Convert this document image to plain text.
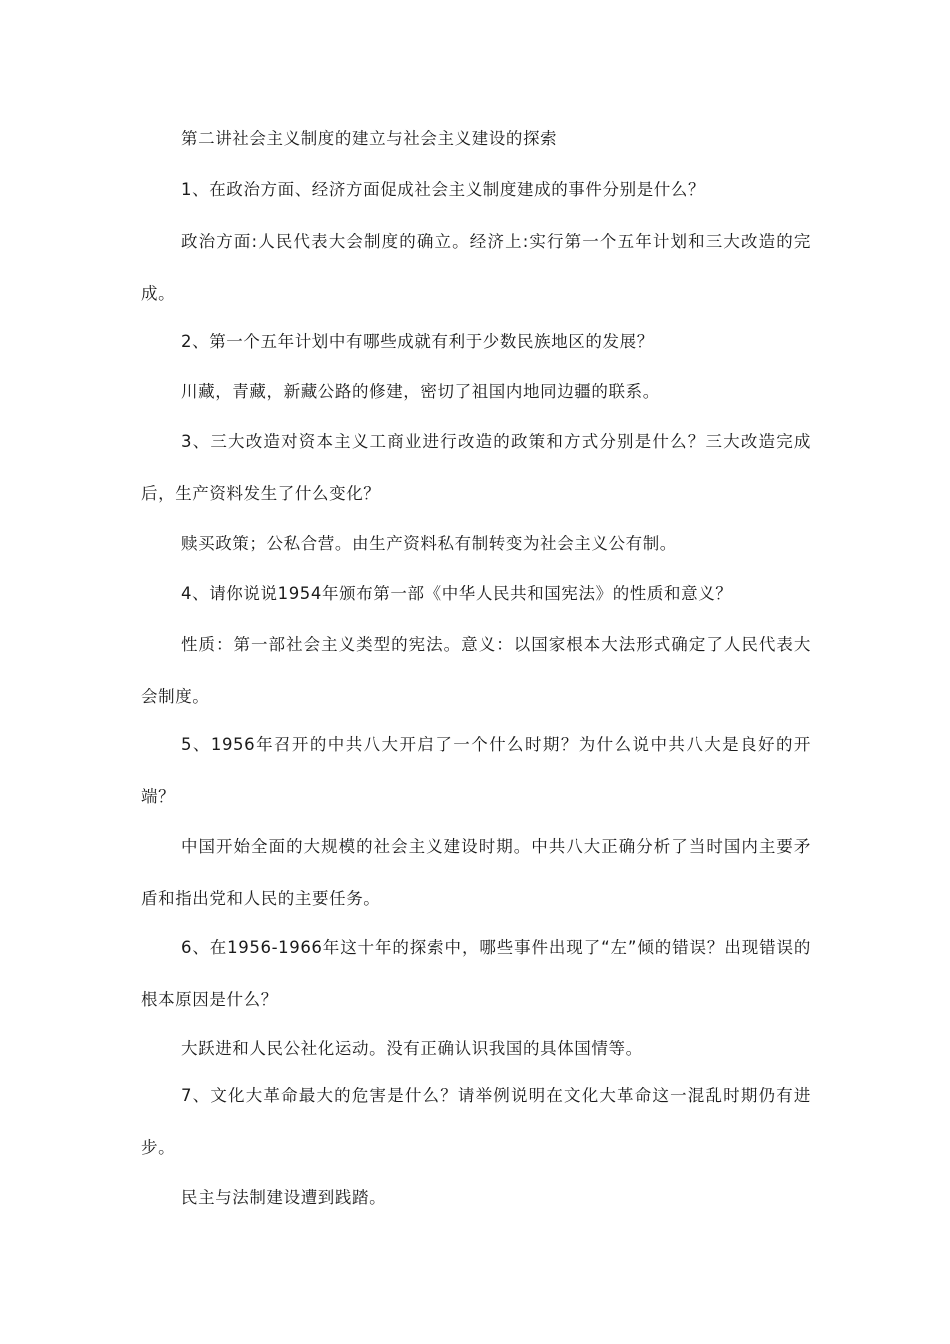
第二讲社会主义制度的建立与社会主义建设的探索

1、在政治方面、经济方面促成社会主义制度建成的事件分别是什么？

政治方面:人民代表大会制度的确立。经济上:实行第一个五年计划和三大改造的完成。

2、第一个五年计划中有哪些成就有利于少数民族地区的发展？

川藏，青藏，新藏公路的修建，密切了祖国内地同边疆的联系。

3、三大改造对资本主义工商业进行改造的政策和方式分别是什么？三大改造完成后，生产资料发生了什么变化？

赎买政策；公私合营。由生产资料私有制转变为社会主义公有制。

4、请你说说1954年颁布第一部《中华人民共和国宪法》的性质和意义？

性质：第一部社会主义类型的宪法。意义：以国家根本大法形式确定了人民代表大会制度。

5、1956年召开的中共八大开启了一个什么时期？为什么说中共八大是良好的开端？

中国开始全面的大规模的社会主义建设时期。中共八大正确分析了当时国内主要矛盾和指出党和人民的主要任务。

6、在1956-1966年这十年的探索中，哪些事件出现了“左”倾的错误？出现错误的根本原因是什么？

大跃进和人民公社化运动。没有正确认识我国的具体国情等。

7、文化大革命最大的危害是什么？请举例说明在文化大革命这一混乱时期仍有进步。

民主与法制建设遭到践踏。
